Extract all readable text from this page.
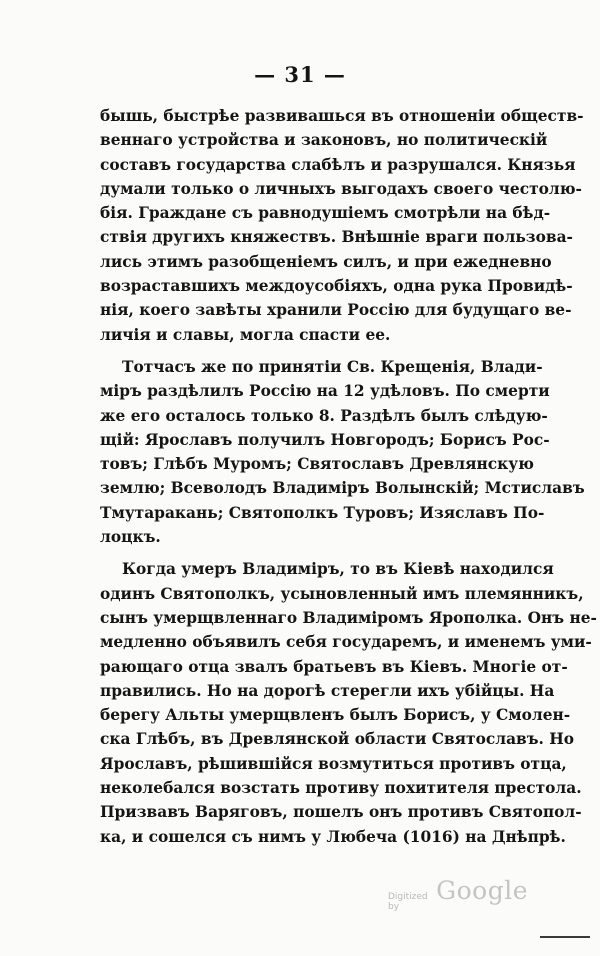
— 31 —
бышь, быстрѣе развивашься въ отношеніи обществ-
веннаго устройства и законовъ, но политическій
составъ государства слабѣлъ и разрушался. Князья
думали только о личныхъ выгодахъ своего честолю-
бія. Граждане съ равнодушіемъ смотрѣли на бѣд-
ствія другихъ княжествъ. Внѣшніе враги пользова-
лись этимъ разобщеніемъ силъ, и при ежедневно
возраставшихъ междоусобіяхъ, одна рука Провидѣ-
нія, коего завѣты хранили Россію для будущаго ве-
личія и славы, могла спасти ее.
Тотчасъ же по принятіи Св. Крещенія, Влади-
міръ раздѣлилъ Россію на 12 удѣловъ. По смерти
же его осталось только 8. Раздѣлъ былъ слѣдую-
щій: Ярославъ получилъ Новгородъ; Борисъ Рос-
товъ; Глѣбъ Муромъ; Святославъ Древлянскую
землю; Всеволодъ Владиміръ Волынскій; Мстиславъ
Тмутаракань; Святополкъ Туровъ; Изяславъ По-
лоцкъ.
Когда умеръ Владиміръ, то въ Кіевѣ находился
одинъ Святополкъ, усыновленный имъ племянникъ,
сынъ умерщвленнаго Владиміромъ Ярополка. Онъ не-
медленно объявилъ себя государемъ, и именемъ уми-
рающаго отца звалъ братьевъ въ Кіевъ. Многіе от-
правились. Но на дорогѣ стерегли ихъ убійцы. На
берегу Альты умерщвленъ былъ Борисъ, у Смолен-
ска Глѣбъ, въ Древлянской области Святославъ. Но
Ярославъ, рѣшившійся возмутиться противъ отца,
неколебался возстать противу похитителя престола.
Призвавъ Варяговъ, пошелъ онъ противъ Святопол-
ка, и сошелся съ нимъ у Любеча (1016) на Днѣпрѣ.
Digitized by
Google
